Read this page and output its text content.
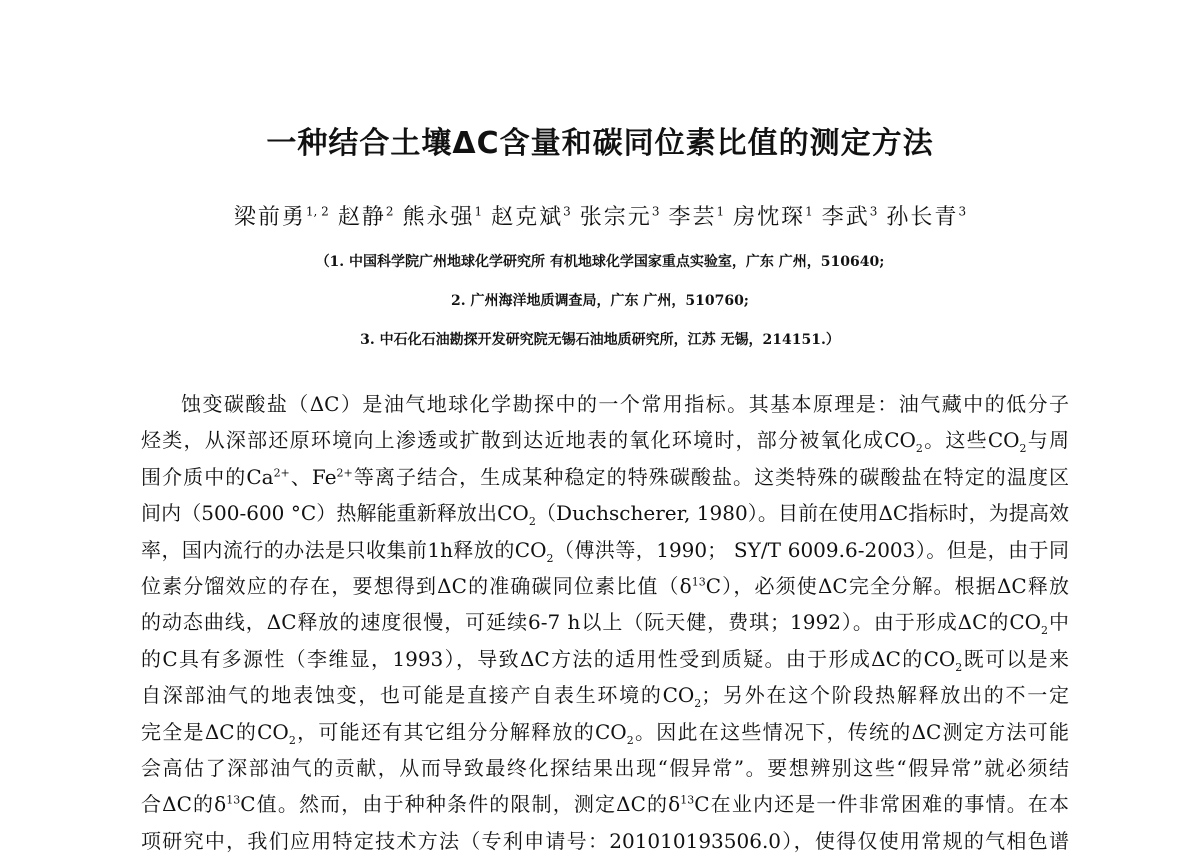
一种结合土壤ΔC含量和碳同位素比值的测定方法
梁前勇$^{1, 2}$ 赵静$^2$ 熊永强$^1$ 赵克斌$^3$ 张宗元$^3$ 李芸$^1$ 房忱琛$^1$ 李武$^3$ 孙长青$^3$
（1. 中国科学院广州地球化学研究所 有机地球化学国家重点实验室，广东 广州，510640;
2. 广州海洋地质调查局，广东 广州，510760;
3. 中石化石油勘探开发研究院无锡石油地质研究所，江苏 无锡，214151.）
蚀变碳酸盐（ΔC）是油气地球化学勘探中的一个常用指标。其基本原理是：油气藏中的低分子
烃类，从深部还原环境向上渗透或扩散到达近地表的氧化环境时，部分被氧化成$CO_2$。这些$CO_2$与周
围介质中的$Ca^{2+}$、$Fe^{2+}$等离子结合，生成某种稳定的特殊碳酸盐。这类特殊的碳酸盐在特定的温度区
间内（500-600 °C）热解能重新释放出$CO_2(Duchscherer$, 1980）。目前在使用ΔC指标时，为提高效
率，国内流行的办法是只收集前1h释放的$CO_2$（傅洪等，1990； SY/T 6009.6-2003）。但是，由于同
位素分馏效应的存在，要想得到ΔC的准确碳同位素比值$(\delta^{13}C)$，必须使ΔC完全分解。根据ΔC释放
的动态曲线，ΔC释放的速度很慢，可延续6-7 h以上（阮天健，费琪；1992）。由于形成ΔC的$CO_2$中
的C具有多源性（李维显，1993），导致ΔC方法的适用性受到质疑。由于形成ΔC的$CO_2$既可以是来
自深部油气的地表蚀变，也可能是直接产自表生环境的$CO_2$；另外在这个阶段热解释放出的不一定
完全是ΔC的$CO_2$，可能还有其它组分分解释放的$CO_2$。因此在这些情况下，传统的ΔC测定方法可能
会高估了深部油气的贡献，从而导致最终化探结果出现“假异常”。要想辨别这些“假异常”就必须结
合ΔC的$\delta^{13}C$值。然而，由于种种条件的限制，测定ΔC的$\delta^{13}C$在业内还是一件非常困难的事情。在本
项研究中，我们应用特定技术方法（专利申请号：201010193506.0），使得仅使用常规的气相色谱
